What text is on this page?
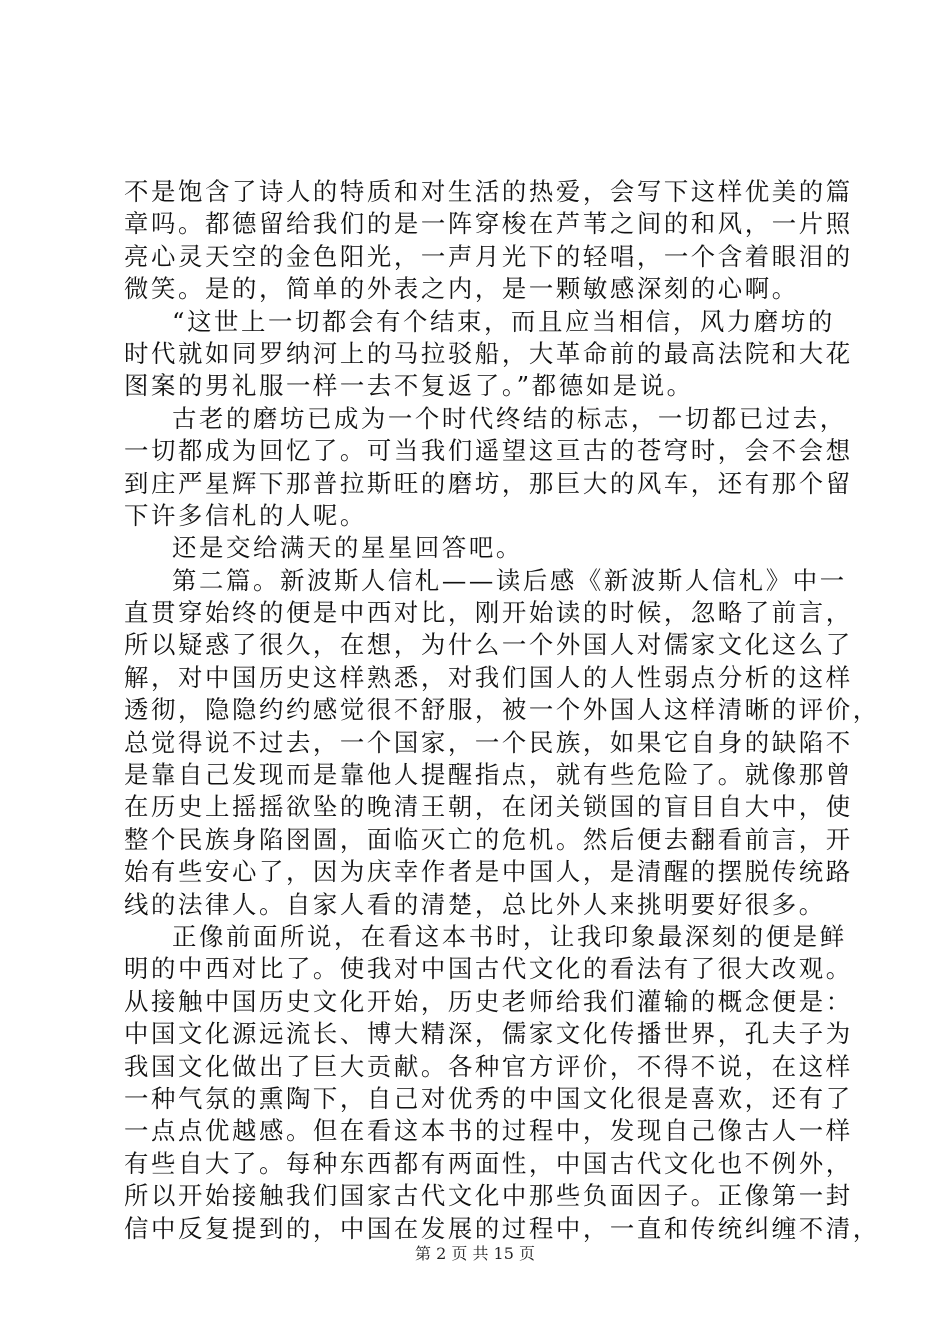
不是饱含了诗人的特质和对生活的热爱，会写下这样优美的篇
章吗。都德留给我们的是一阵穿梭在芦苇之间的和风，一片照
亮心灵天空的金色阳光，一声月光下的轻唱，一个含着眼泪的
微笑。是的，简单的外表之内，是一颗敏感深刻的心啊。
“这世上一切都会有个结束，而且应当相信，风力磨坊的
时代就如同罗纳河上的马拉驳船，大革命前的最高法院和大花
图案的男礼服一样一去不复返了。”都德如是说。
古老的磨坊已成为一个时代终结的标志，一切都已过去，
一切都成为回忆了。可当我们遥望这亘古的苍穹时，会不会想
到庄严星辉下那普拉斯旺的磨坊，那巨大的风车，还有那个留
下许多信札的人呢。
还是交给满天的星星回答吧。
第二篇。新波斯人信札——读后感《新波斯人信札》中一
直贯穿始终的便是中西对比，刚开始读的时候，忽略了前言，
所以疑惑了很久，在想，为什么一个外国人对儒家文化这么了
解，对中国历史这样熟悉，对我们国人的人性弱点分析的这样
透彻，隐隐约约感觉很不舒服，被一个外国人这样清晰的评价，
总觉得说不过去，一个国家，一个民族，如果它自身的缺陷不
是靠自己发现而是靠他人提醒指点，就有些危险了。就像那曾
在历史上摇摇欲坠的晚清王朝，在闭关锁国的盲目自大中，使
整个民族身陷囹圄，面临灭亡的危机。然后便去翻看前言，开
始有些安心了，因为庆幸作者是中国人，是清醒的摆脱传统路
线的法律人。自家人看的清楚，总比外人来挑明要好很多。
正像前面所说，在看这本书时，让我印象最深刻的便是鲜
明的中西对比了。使我对中国古代文化的看法有了很大改观。
从接触中国历史文化开始，历史老师给我们灌输的概念便是：
中国文化源远流长、博大精深，儒家文化传播世界，孔夫子为
我国文化做出了巨大贡献。各种官方评价，不得不说，在这样
一种气氛的熏陶下，自己对优秀的中国文化很是喜欢，还有了
一点点优越感。但在看这本书的过程中，发现自己像古人一样
有些自大了。每种东西都有两面性，中国古代文化也不例外，
所以开始接触我们国家古代文化中那些负面因子。正像第一封
信中反复提到的，中国在发展的过程中，一直和传统纠缠不清，
第 2 页 共 15 页
